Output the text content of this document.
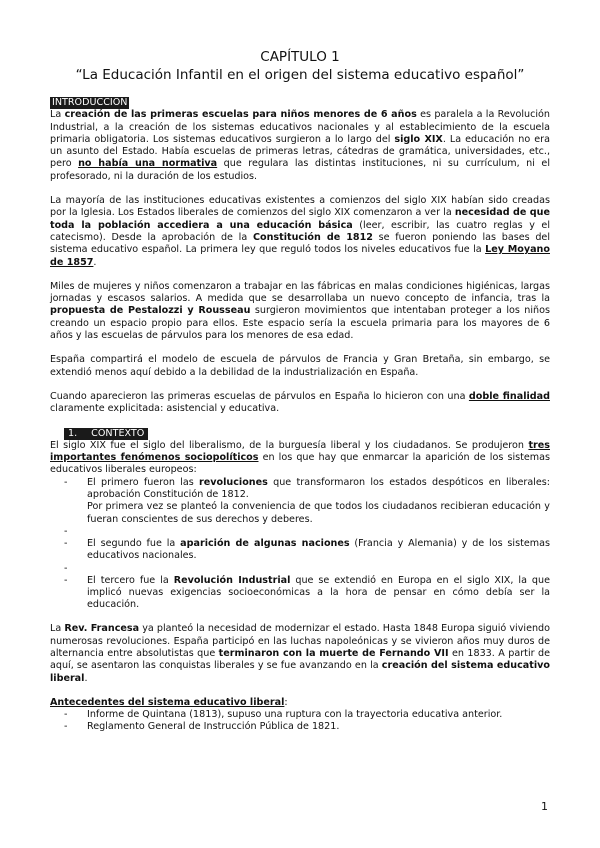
CAPÍTULO 1
“La Educación Infantil en el origen del sistema educativo español”
INTRODUCCIÓN

La creación de las primeras escuelas para niños menores de 6 años es paralela a la Revolución Industrial, a la creación de los sistemas educativos nacionales y al establecimiento de la escuela primaria obligatoria. Los sistemas educativos surgieron a lo largo del siglo XIX. La educación no era un asunto del Estado. Había escuelas de primeras letras, cátedras de gramática, universidades, etc., pero no había una normativa que regulara las distintas instituciones, ni su currículum, ni el profesorado, ni la duración de los estudios.

La mayoría de las instituciones educativas existentes a comienzos del siglo XIX habían sido creadas por la Iglesia. Los Estados liberales de comienzos del siglo XIX comenzaron a ver la necesidad de que toda la población accediera a una educación básica (leer, escribir, las cuatro reglas y el catecismo). Desde la aprobación de la Constitución de 1812 se fueron poniendo las bases del sistema educativo español. La primera ley que reguló todos los niveles educativos fue la Ley Moyano de 1857.

Miles de mujeres y niños comenzaron a trabajar en las fábricas en malas condiciones higiénicas, largas jornadas y escasos salarios. A medida que se desarrollaba un nuevo concepto de infancia, tras la propuesta de Pestalozzi y Rousseau surgieron movimientos que intentaban proteger a los niños creando un espacio propio para ellos. Este espacio sería la escuela primaria para los mayores de 6 años y las escuelas de párvulos para los menores de esa edad.

España compartirá el modelo de escuela de párvulos de Francia y Gran Bretaña, sin embargo, se extendió menos aquí debido a la debilidad de la industrialización en España.

Cuando aparecieron las primeras escuelas de párvulos en España lo hicieron con una doble finalidad claramente explicitada: asistencial y educativa.

1. CONTEXTO

El siglo XIX fue el siglo del liberalismo, de la burguesía liberal y los ciudadanos. Se produjeron tres importantes fenómenos sociopolíticos en los que hay que enmarcar la aparición de los sistemas educativos liberales europeos:

- El primero fueron las revoluciones que transformaron los estados despóticos en liberales: aprobación Constitución de 1812.
Por primera vez se planteó la conveniencia de que todos los ciudadanos recibieran educación y fueran conscientes de sus derechos y deberes.
-
- El segundo fue la aparición de algunas naciones (Francia y Alemania) y de los sistemas educativos nacionales.
-
- El tercero fue la Revolución Industrial que se extendió en Europa en el siglo XIX, la que implicó nuevas exigencias socioeconómicas a la hora de pensar en cómo debía ser la educación.

La Rev. Francesa ya planteó la necesidad de modernizar el estado. Hasta 1848 Europa siguió viviendo numerosas revoluciones. España participó en las luchas napoleónicas y se vivieron años muy duros de alternancia entre absolutistas que terminaron con la muerte de Fernando VII en 1833. A partir de aquí, se asentaron las conquistas liberales y se fue avanzando en la creación del sistema educativo liberal.

Antecedentes del sistema educativo liberal:

- Informe de Quintana (1813), supuso una ruptura con la trayectoria educativa anterior.
- Reglamento General de Instrucción Pública de 1821.
1
